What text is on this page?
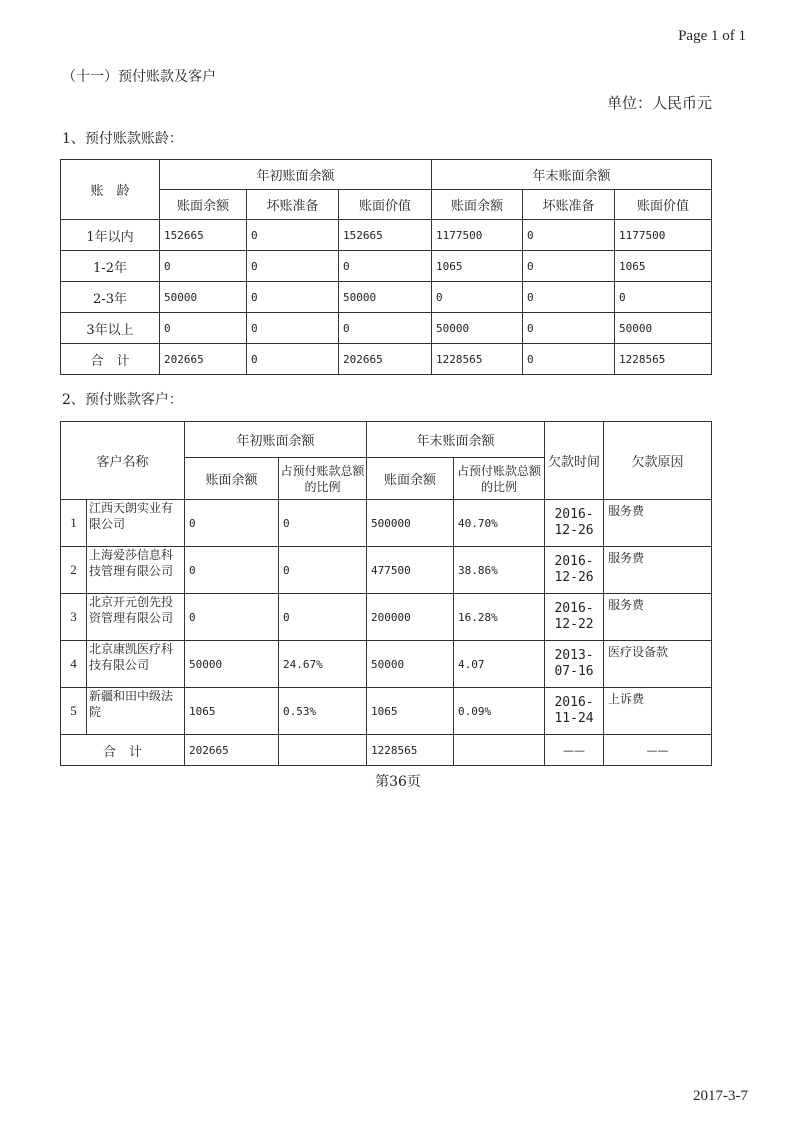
Page 1 of 1
（十一）预付账款及客户
单位：人民币元
1、预付账款账龄：
账　龄	年初账面余额			年末账面余额		
	账面余额	坏账准备	账面价值	账面余额	坏账准备	账面价值
1年以内	152665	0	152665	1177500	0	1177500
1-2年	0	0	0	1065	0	1065
2-3年	50000	0	50000	0	0	0
3年以上	0	0	0	50000	0	50000
合　计	202665	0	202665	1228565	0	1228565
2、预付账款客户：
客户名称		年初账面余额		年末账面余额		欠款时间	欠款原因
		账面余额	占预付账款总额的比例	账面余额	占预付账款总额的比例		
1	江西天朗实业有限公司	0	0	500000	40.70%	2016-12-26	服务费
2	上海爱莎信息科技管理有限公司	0	0	477500	38.86%	2016-12-26	服务费
3	北京开元创先投资管理有限公司	0	0	200000	16.28%	2016-12-22	服务费
4	北京康凯医疗科技有限公司	50000	24.67%	50000	4.07	2013-07-16	医疗设备款
5	新疆和田中级法院	1065	0.53%	1065	0.09%	2016-11-24	上诉费
合　计		202665		1228565		——	——
第36页
2017-3-7
